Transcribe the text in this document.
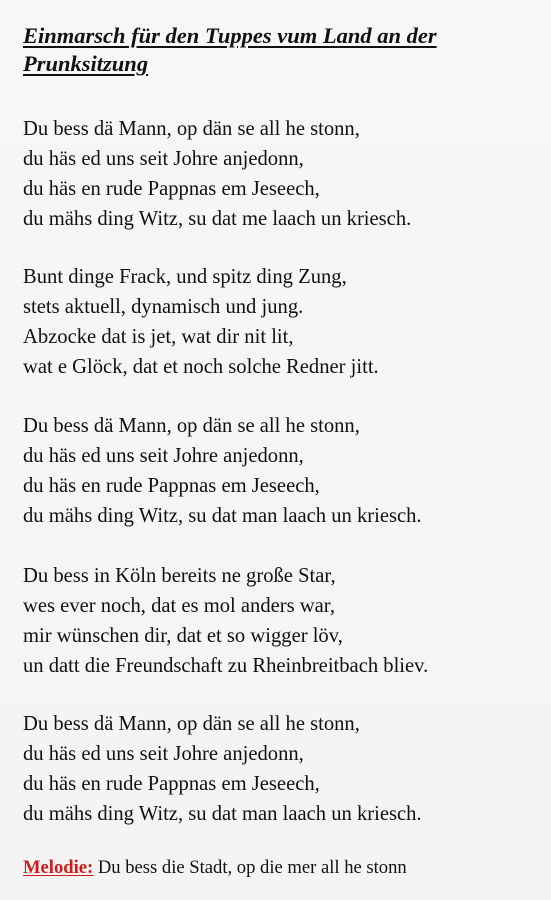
Einmarsch für den Tuppes vum Land an der Prunksitzung
Du bess dä Mann, op dän se all he stonn,
du häs ed uns seit Johre anjedonn,
du häs en rude Pappnas em Jeseech,
du mähs ding Witz, su dat me laach un kriesch.
Bunt dinge Frack, und spitz ding Zung,
stets aktuell, dynamisch und jung.
Abzocke dat is jet, wat dir nit lit,
wat e Glöck, dat et noch solche Redner jitt.
Du bess dä Mann, op dän se all he stonn,
du häs ed uns seit Johre anjedonn,
du häs en rude Pappnas em Jeseech,
du mähs ding Witz, su dat man laach un kriesch.
Du bess in Köln bereits ne große Star,
wes ever noch, dat es mol anders war,
mir wünschen dir, dat et so wigger löv,
un datt die Freundschaft zu Rheinbreitbach bliev.
Du bess dä Mann, op dän se all he stonn,
du häs ed uns seit Johre anjedonn,
du häs en rude Pappnas em Jeseech,
du mähs ding Witz, su dat man laach un kriesch.
Melodie: Du bess die Stadt, op die mer all he stonn
